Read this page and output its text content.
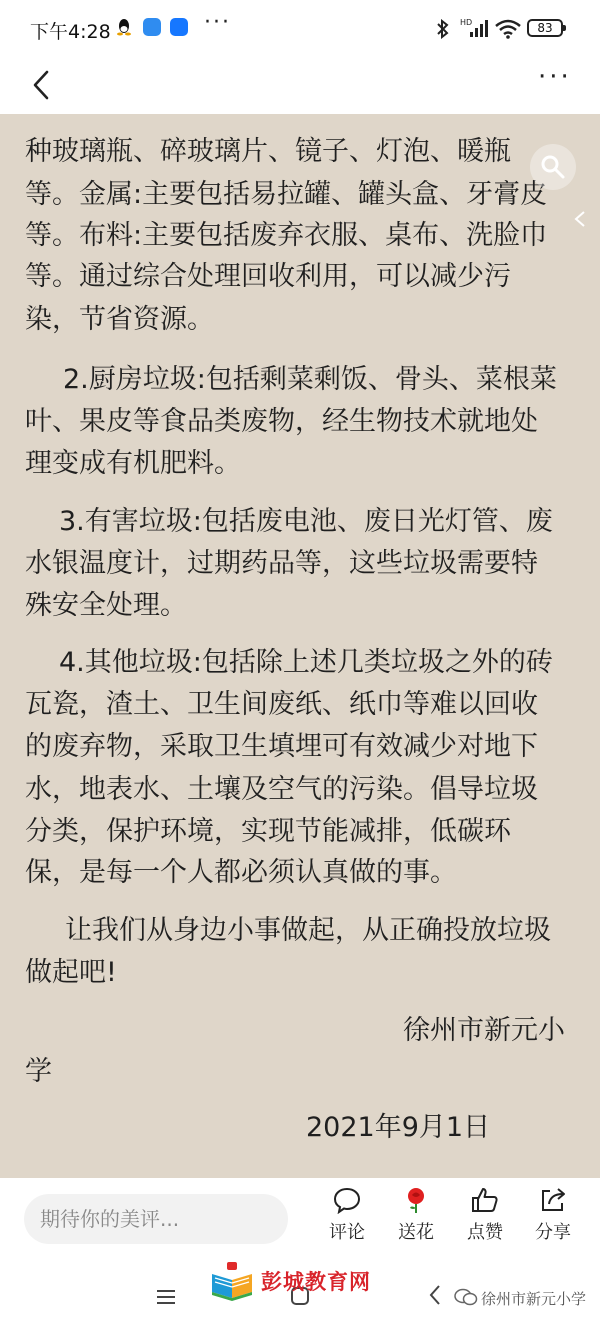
下午4:28	···	HD	83
···
种玻璃瓶、碎玻璃片、镜子、灯泡、暖瓶
等。金属:主要包括易拉罐、罐头盒、牙膏皮
等。布料:主要包括废弃衣服、桌布、洗脸巾
等。通过综合处理回收利用，可以减少污
染，节省资源。
2.厨房垃圾:包括剩菜剩饭、骨头、菜根菜
叶、果皮等食品类废物，经生物技术就地处
理变成有机肥料。
3.有害垃圾:包括废电池、废日光灯管、废
水银温度计，过期药品等，这些垃圾需要特
殊安全处理。
4.其他垃圾:包括除上述几类垃圾之外的砖
瓦瓷，渣土、卫生间废纸、纸巾等难以回收
的废弃物，采取卫生填埋可有效减少对地下
水，地表水、土壤及空气的污染。倡导垃圾
分类，保护环境，实现节能减排，低碳环
保，是每一个人都必须认真做的事。
让我们从身边小事做起，从正确投放垃圾
做起吧!
徐州市新元小
学
2021年9月1日
期待你的美评...
评论	送花	点赞	分享
彭城教育网
徐州市新元小学
